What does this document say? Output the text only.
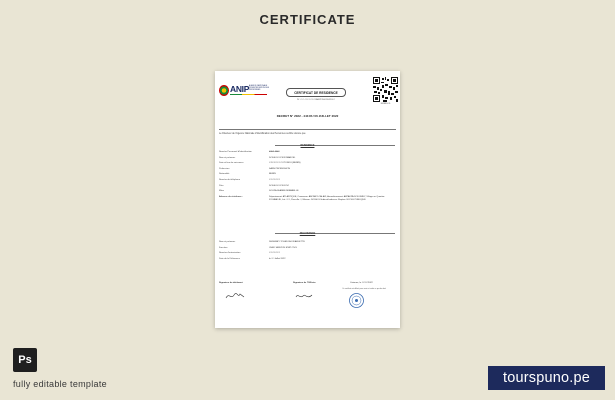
CERTIFICATE
ANIP AGENCE NATIONALE D'IDENTIFICATION DES PERSONNES
CERTIFICAT DE RESIDENCE
N° ###-#########/ANIP/DG/DSI/20##
MOBILE ID
DECRET N° 2022 - 443 DU 06 JUILLET 2022
Le Directeur de l'Agence Nationale d'Identification des Personnes certifie sincère que
RESIDENCE
Numéro Personnel d'Identification	####-####
Nom et prénoms	DOSSOU COFFI MARCEL
Date et lieu de naissance	##/##/#### COTONOU (BENIN)
Profession	SANS PROFESSION
Nationalité	BENIN
Numéro de téléphone	#########
Père	DOSSOU CODJOVI
Mère	SOUZA JEANNE MIRABELLE
Adresse de résidence :	Département: ATLANTIQUE, Commune: ABOMEY-CALAVI, Arrondissement: AKPAKPA DODOMEY, Village ou Quartier: ZOGBADJE, Lot: ###, Parcelle: #, Maison: DOSSOU Indicatif adresse: Repère: ECOLE PUBLIQUE
DELIVRANCE
Nom et prénoms	DEDEMEY TCHEDOHON ARLETTE
Fonction	CHEF SERVICE ETAT CIVIL
Numéro d'autorisation	#########
Date de la Délivrance	le ## Juillet 2022
Signature du déclarant	Signature de l'Officier	Cotonou, le ##/##/2022
Ce certificat est délivré pour servir et valoir ce que de droit
Ps
fully editable template	tourspuno.pe
